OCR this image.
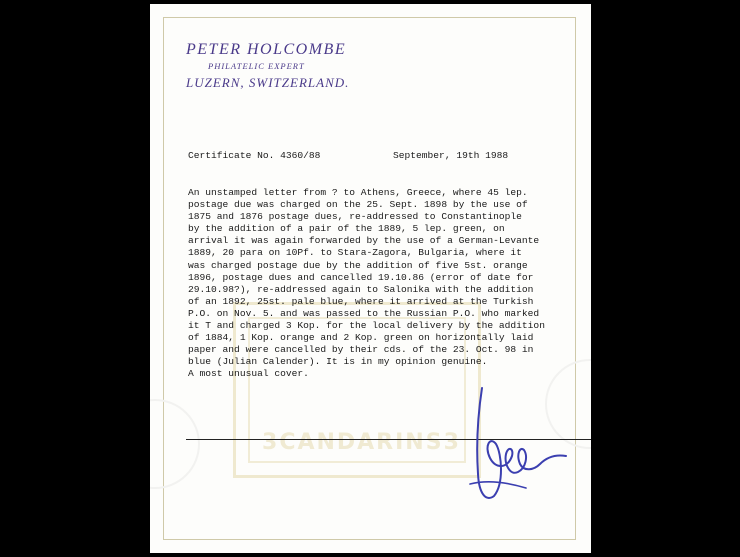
3 CANDARINS 3
PETER HOLCOMBE
PHILATELIC EXPERT
LUZERN, SWITZERLAND.
Certificate No. 4360/88	September, 19th 1988
An unstamped letter from ? to Athens, Greece, where 45 lep.
postage due was charged on the 25. Sept. 1898 by the use of
1875 and 1876 postage dues, re-addressed to Constantinople
by the addition of a pair of the 1889, 5 lep. green, on
arrival it was again forwarded by the use of a German-Levante
1889, 20 para on 10Pf. to Stara-Zagora, Bulgaria, where it
was charged postage due by the addition of five 5st. orange
1896, postage dues and cancelled 19.10.86 (error of date for
29.10.98?), re-addressed again to Salonika with the addition
of an 1892, 25st. pale blue, where it arrived at the Turkish
P.O. on Nov. 5. and was passed to the Russian P.O. who marked
it T and charged 3 Kop. for the local delivery by the addition
of 1884, 1 Kop. orange and 2 Kop. green on horizontally laid
paper and were cancelled by their cds. of the 23. Oct. 98 in
blue (Julian Calender). It is in my opinion genuine.
A most unusual cover.
